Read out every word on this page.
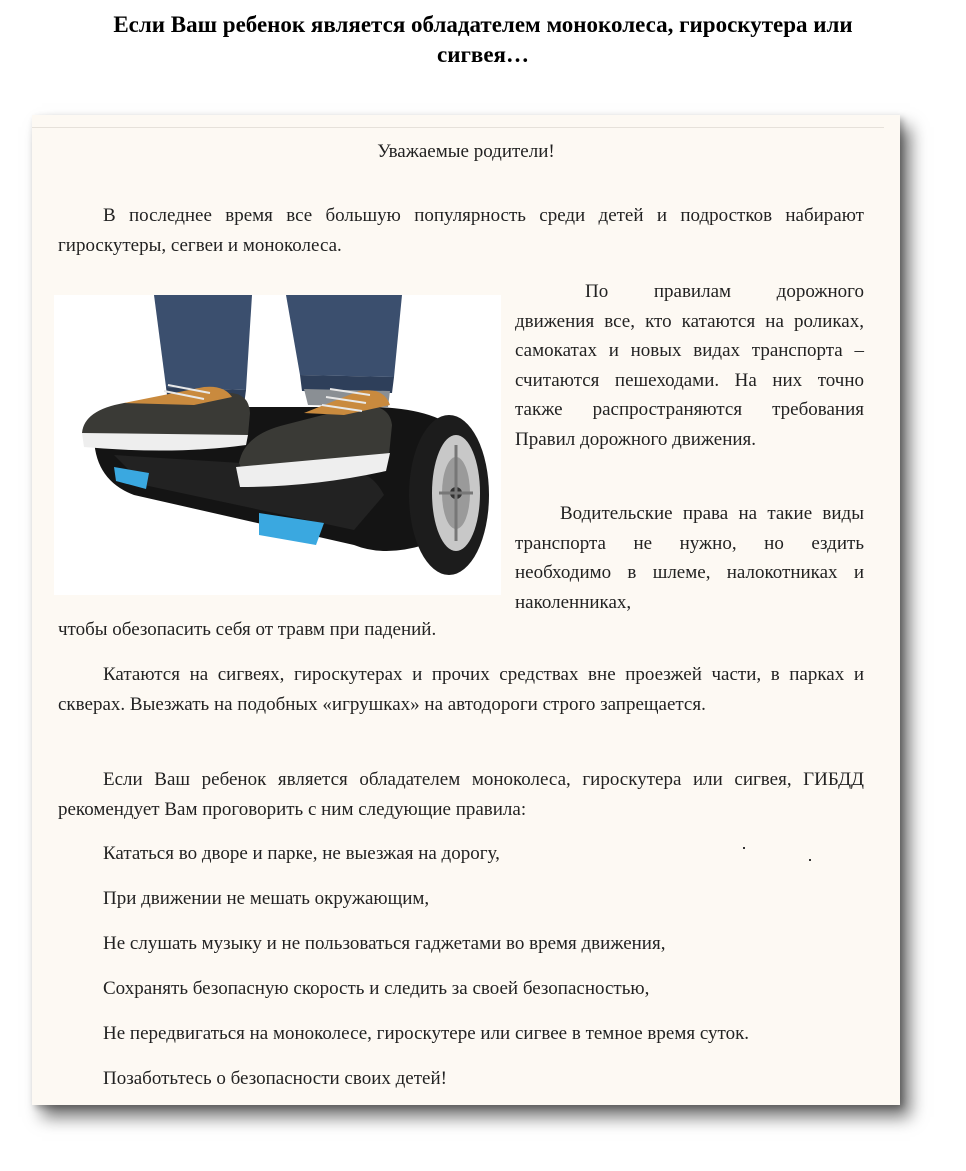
Если Ваш ребенок является обладателем моноколеса, гироскутера или
сигвея…
Уважаемые родители!
В последнее время все большую популярность среди детей и подростков набирают гироскутеры, сегвеи и моноколеса.
По правилам дорожного движения все, кто катаются на роликах, самокатах и новых видах транспорта – считаются пешеходами. На них точно также распространяются требования Правил дорожного движения.
Водительские права на такие виды транспорта не нужно, но ездить необходимо в шлеме, налокотниках и наколенниках,
чтобы обезопасить себя от травм при падений.
Катаются на сигвеях, гироскутерах и прочих средствах вне проезжей части, в парках и скверах. Выезжать на подобных «игрушках» на автодороги строго запрещается.
Если Ваш ребенок является обладателем моноколеса, гироскутера или сигвея, ГИБДД рекомендует Вам проговорить с ним следующие правила:
Кататься во дворе и парке, не выезжая на дорогу,
При движении не мешать окружающим,
Не слушать музыку и не пользоваться гаджетами во время движения,
Сохранять безопасную скорость и следить за своей безопасностью,
Не передвигаться на моноколесе, гироскутере или сигвее в темное время суток.
Позаботьтесь о безопасности своих детей!
